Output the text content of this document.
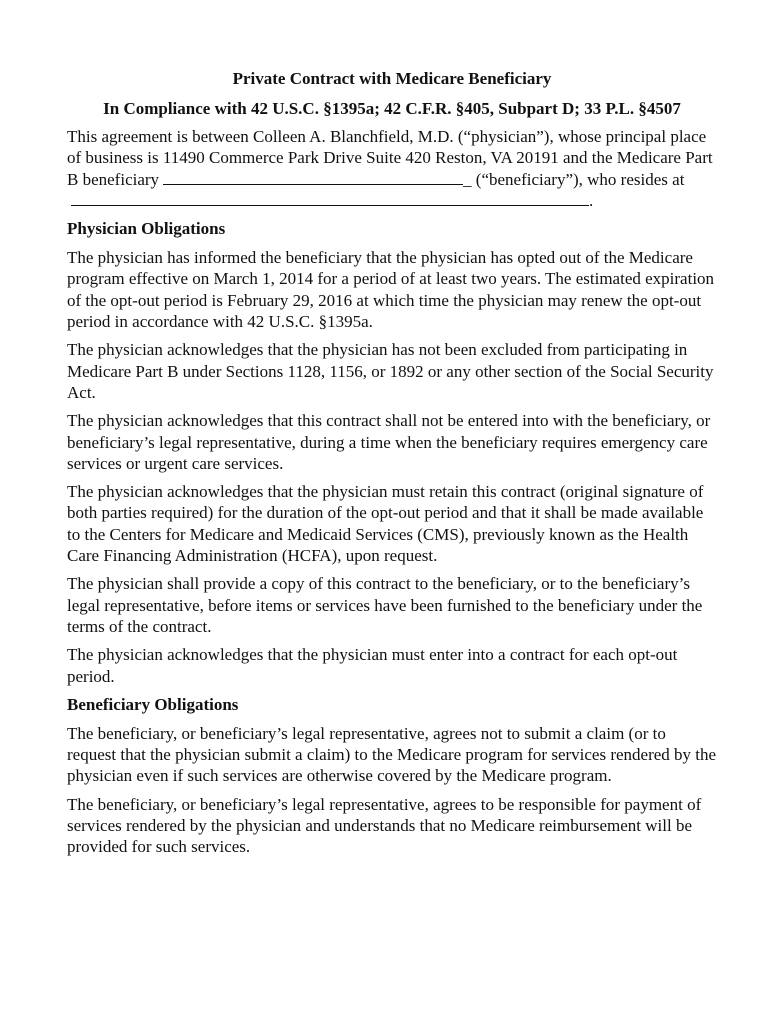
Private Contract with Medicare Beneficiary

In Compliance with 42 U.S.C. §1395a; 42 C.F.R. §405, Subpart D; 33 P.L. §4507

This agreement is between Colleen A. Blanchfield, M.D. (“physician”), whose principal place of business is 11490 Commerce Park Drive Suite 420 Reston, VA 20191 and the Medicare Part B beneficiary	_ (“beneficiary”), who resides at.

Physician Obligations

The physician has informed the beneficiary that the physician has opted out of the Medicare program effective on March 1, 2014 for a period of at least two years. The estimated expiration of the opt-out period is February 29, 2016 at which time the physician may renew the opt-out period in accordance with 42 U.S.C. §1395a.

The physician acknowledges that the physician has not been excluded from participating in Medicare Part B under Sections 1128, 1156, or 1892 or any other section of the Social Security Act.

The physician acknowledges that this contract shall not be entered into with the beneficiary, or beneficiary’s legal representative, during a time when the beneficiary requires emergency care services or urgent care services.

The physician acknowledges that the physician must retain this contract (original signature of both parties required) for the duration of the opt-out period and that it shall be made available to the Centers for Medicare and Medicaid Services (CMS), previously known as the Health Care Financing Administration (HCFA), upon request.

The physician shall provide a copy of this contract to the beneficiary, or to the beneficiary’s legal representative, before items or services have been furnished to the beneficiary under the terms of the contract.

The physician acknowledges that the physician must enter into a contract for each opt-out period.

Beneficiary Obligations

The beneficiary, or beneficiary’s legal representative, agrees not to submit a claim (or to request that the physician submit a claim) to the Medicare program for services rendered by the physician even if such services are otherwise covered by the Medicare program.

The beneficiary, or beneficiary’s legal representative, agrees to be responsible for payment of services rendered by the physician and understands that no Medicare reimbursement will be provided for such services.
